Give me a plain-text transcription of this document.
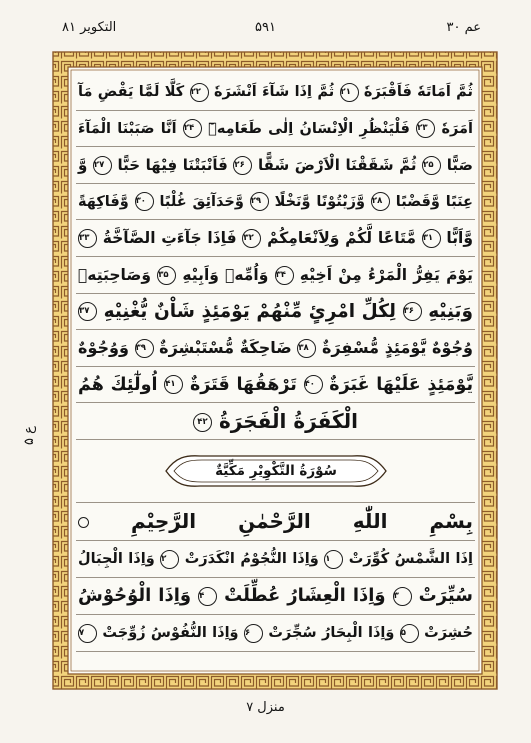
التکویر ۸۱	۵۹۱	عم ۳۰
ثُمَّ اَمَاتَهٗ فَاَقْبَرَهٗ ۲۱ ثُمَّ اِذَا شَآءَ اَنْشَرَهٗ ۲۲ كَلَّا لَمَّا يَقْضِ مَآ
اَمَرَهٗ ۲۳ فَلْيَنْظُرِ الْاِنْسَانُ اِلٰى طَعَامِهٖٓ ۲۴ اَنَّا صَبَبْنَا الْمَآءَ
صَبًّا ۲۵ ثُمَّ شَقَقْنَا الْاَرْضَ شَقًّا ۲۶ فَاَنْبَتْنَا فِيْهَا حَبًّا ۲۷ وَّ
عِنَبًا وَّقَضْبًا ۲۸ وَّزَيْتُوْنًا وَّنَخْلًا ۲۹ وَّحَدَآئِقَ غُلْبًا ۳۰ وَّفَاكِهَةً
وَّاَبًّا ۳۱ مَّتَاعًا لَّكُمْ وَلِاَنْعَامِكُمْ ۳۲ فَاِذَا جَآءَتِ الصَّآخَّةُ ۳۳
يَوْمَ يَفِرُّ الْمَرْءُ مِنْ اَخِيْهِ ۳۴ وَاُمِّهٖ وَاَبِيْهِ ۳۵ وَصَاحِبَتِهٖ
وَبَنِيْهِ ۳۶ لِكُلِّ امْرِئٍ مِّنْهُمْ يَوْمَئِذٍ شَاْنٌ يُّغْنِيْهِ ۳۷
وُجُوْهٌ يَّوْمَئِذٍ مُّسْفِرَةٌ ۳۸ ضَاحِكَةٌ مُّسْتَبْشِرَةٌ ۳۹ وَوُجُوْهٌ
يَّوْمَئِذٍ عَلَيْهَا غَبَرَةٌ ۴۰ تَرْهَقُهَا قَتَرَةٌ ۴۱ اُولٰٓئِكَ هُمُ
الْكَفَرَةُ الْفَجَرَةُ ۴۲
سُوْرَةُ التَّكْوِيْرِ مَكِّيَّةٌ
بِسْمِ اللّٰهِ الرَّحْمٰنِ الرَّحِيْمِ
اِذَا الشَّمْسُ كُوِّرَتْ ۱ وَاِذَا النُّجُوْمُ انْكَدَرَتْ ۲ وَاِذَا الْجِبَالُ
سُيِّرَتْ ۳ وَاِذَا الْعِشَارُ عُطِّلَتْ ۴ وَاِذَا الْوُحُوْشُ
حُشِرَتْ ۵ وَاِذَا الْبِحَارُ سُجِّرَتْ ۶ وَاِذَا النُّفُوْسُ زُوِّجَتْ ۷
ع ۵
منزل ۷
